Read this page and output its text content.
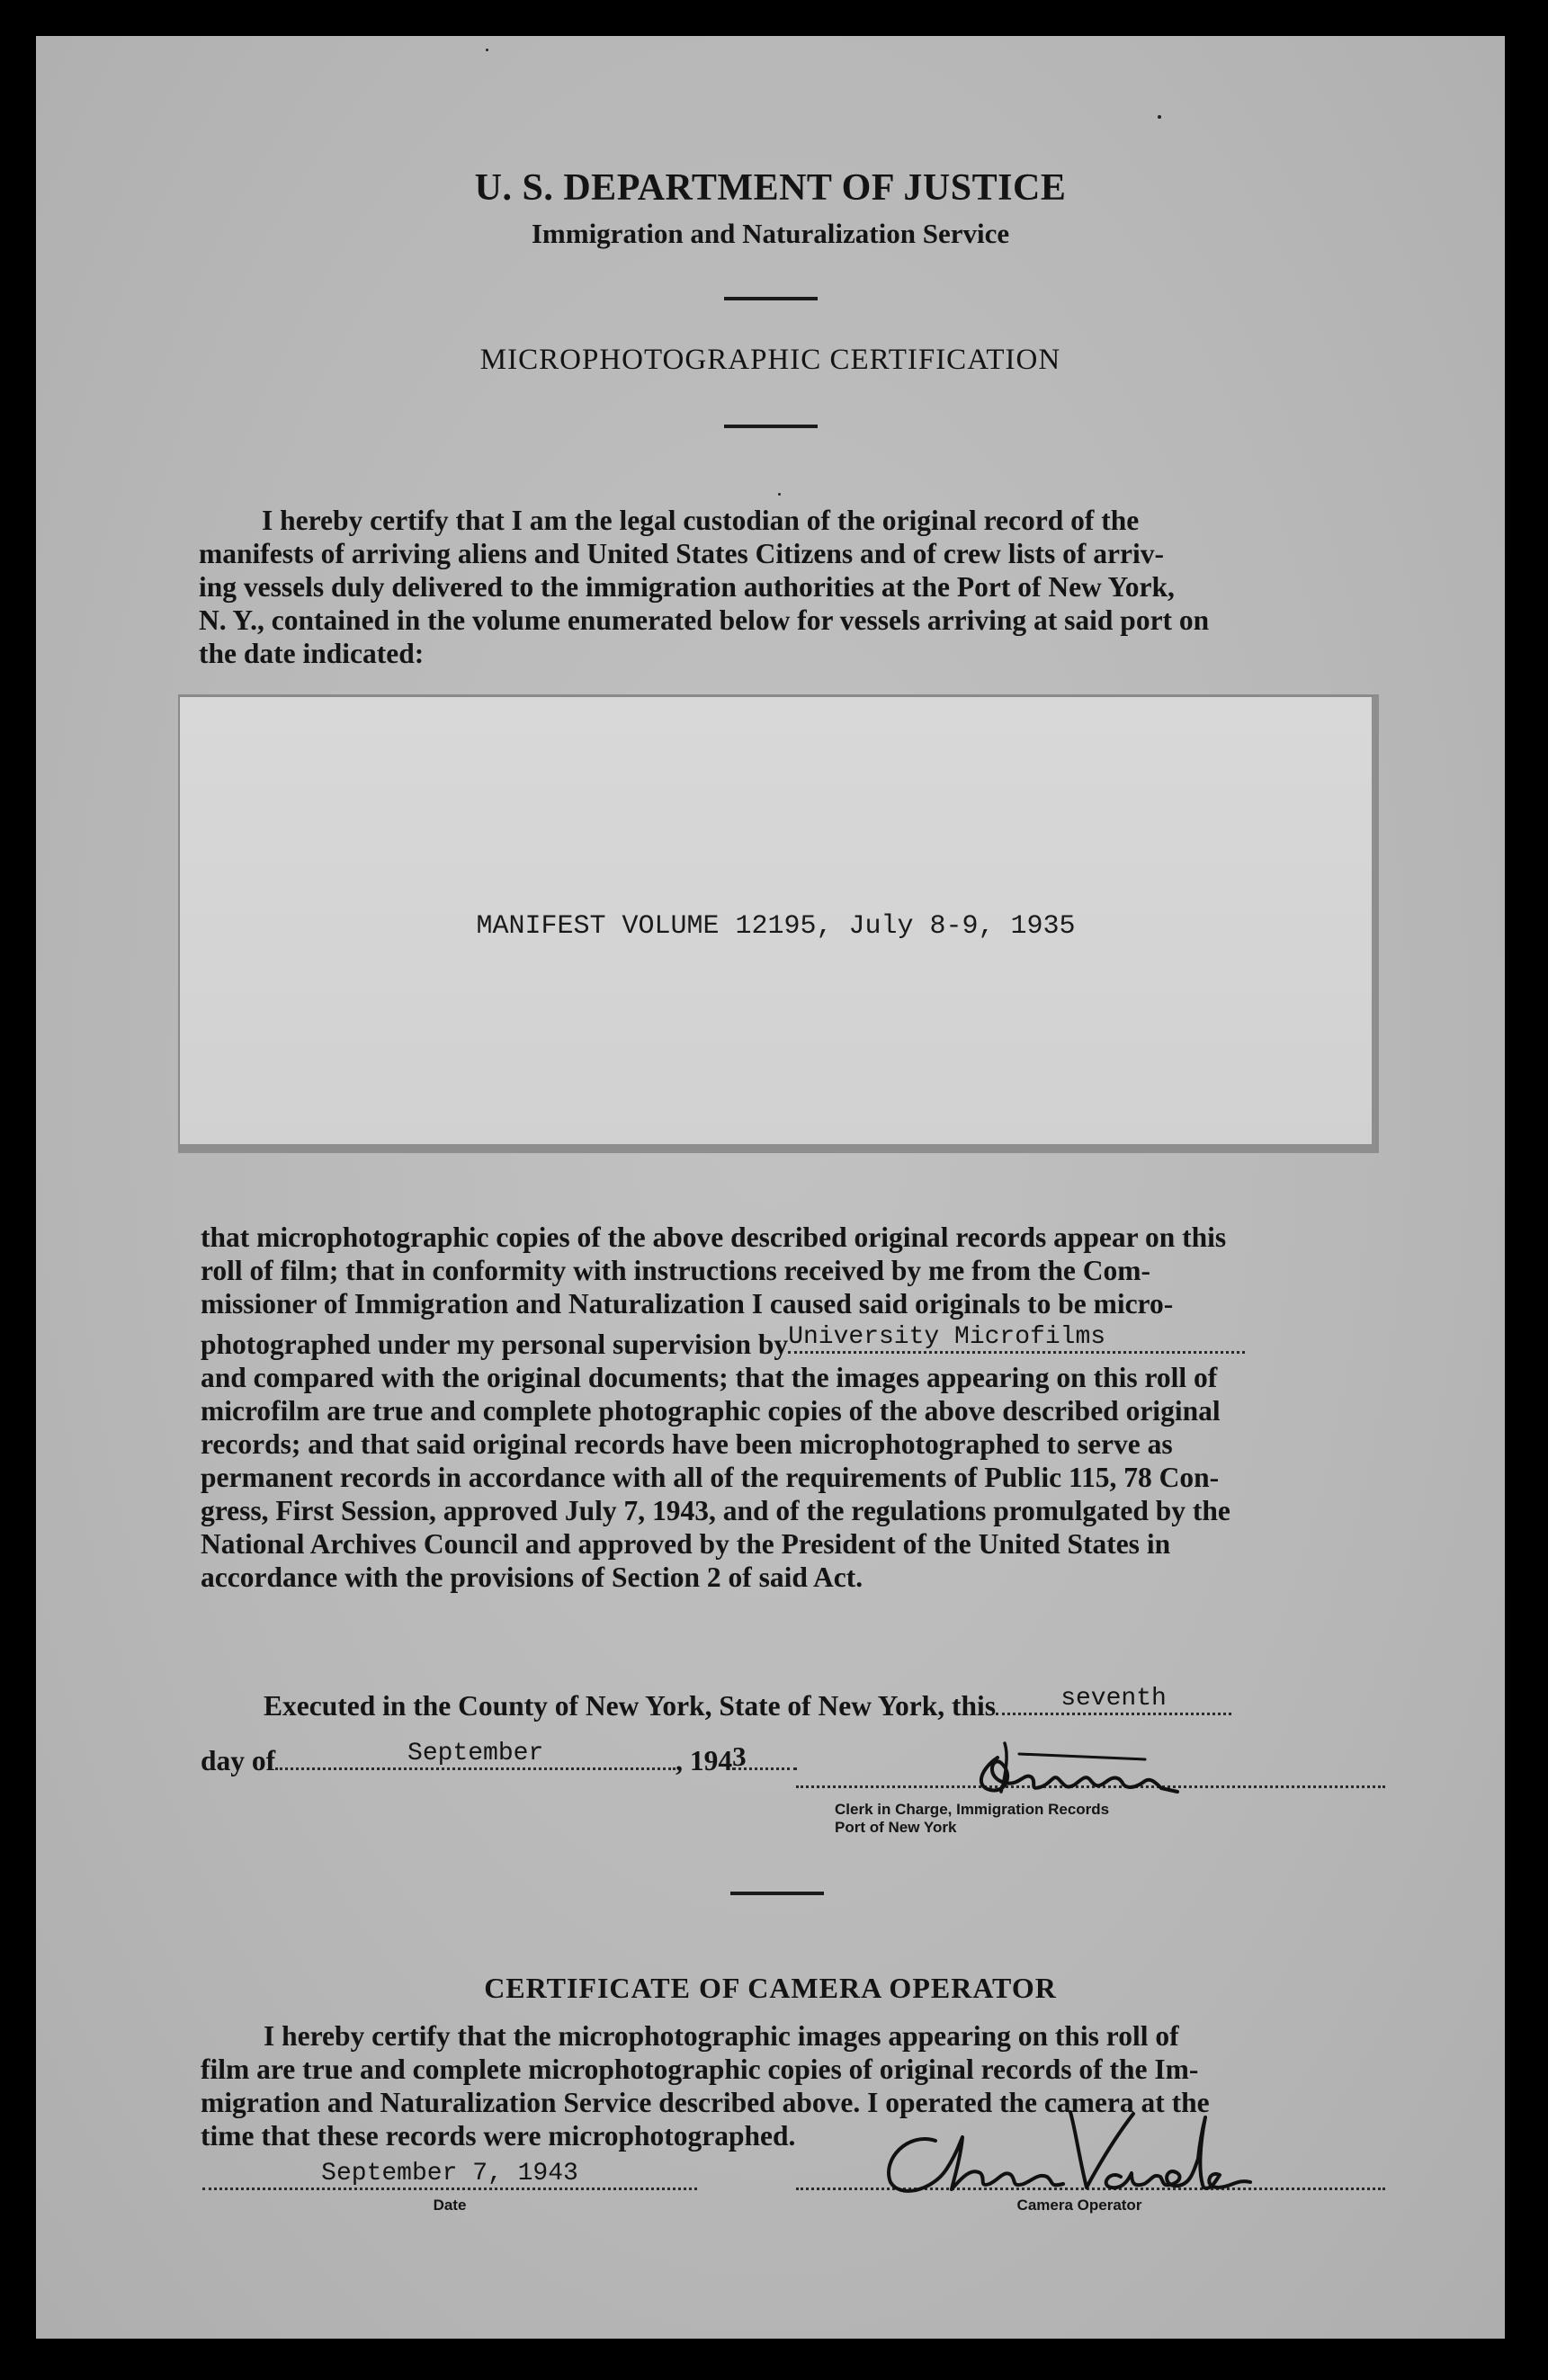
U. S. DEPARTMENT OF JUSTICE
Immigration and Naturalization Service
MICROPHOTOGRAPHIC CERTIFICATION

I hereby certify that I am the legal custodian of the original record of the

manifests of arriving aliens and United States Citizens and of crew lists of arriv-

ing vessels duly delivered to the immigration authorities at the Port of New York,

N. Y., contained in the volume enumerated below for vessels arriving at said port on

the date indicated:

MANIFEST VOLUME 12195, July 8-9, 1935

that microphotographic copies of the above described original records appear on this

roll of film; that in conformity with instructions received by me from the Com-

missioner of Immigration and Naturalization I caused said originals to be micro-

photographed under my personal supervision by University Microfilms

and compared with the original documents; that the images appearing on this roll of

microfilm are true and complete photographic copies of the above described original

records; and that said original records have been microphotographed to serve as

permanent records in accordance with all of the requirements of Public 115, 78 Con-

gress, First Session, approved July 7, 1943, and of the regulations promulgated by the

National Archives Council and approved by the President of the United States in

accordance with the provisions of Section 2 of said Act.

Executed in the County of New York, State of New York, this	seventh
day of	September	, 194 3
Clerk in Charge, Immigration Records
Port of New York
CERTIFICATE OF CAMERA OPERATOR

I hereby certify that the microphotographic images appearing on this roll of

film are true and complete microphotographic copies of original records of the Im-

migration and Naturalization Service described above. I operated the camera at the

time that these records were microphotographed.

September 7, 1943
Date	Camera Operator
